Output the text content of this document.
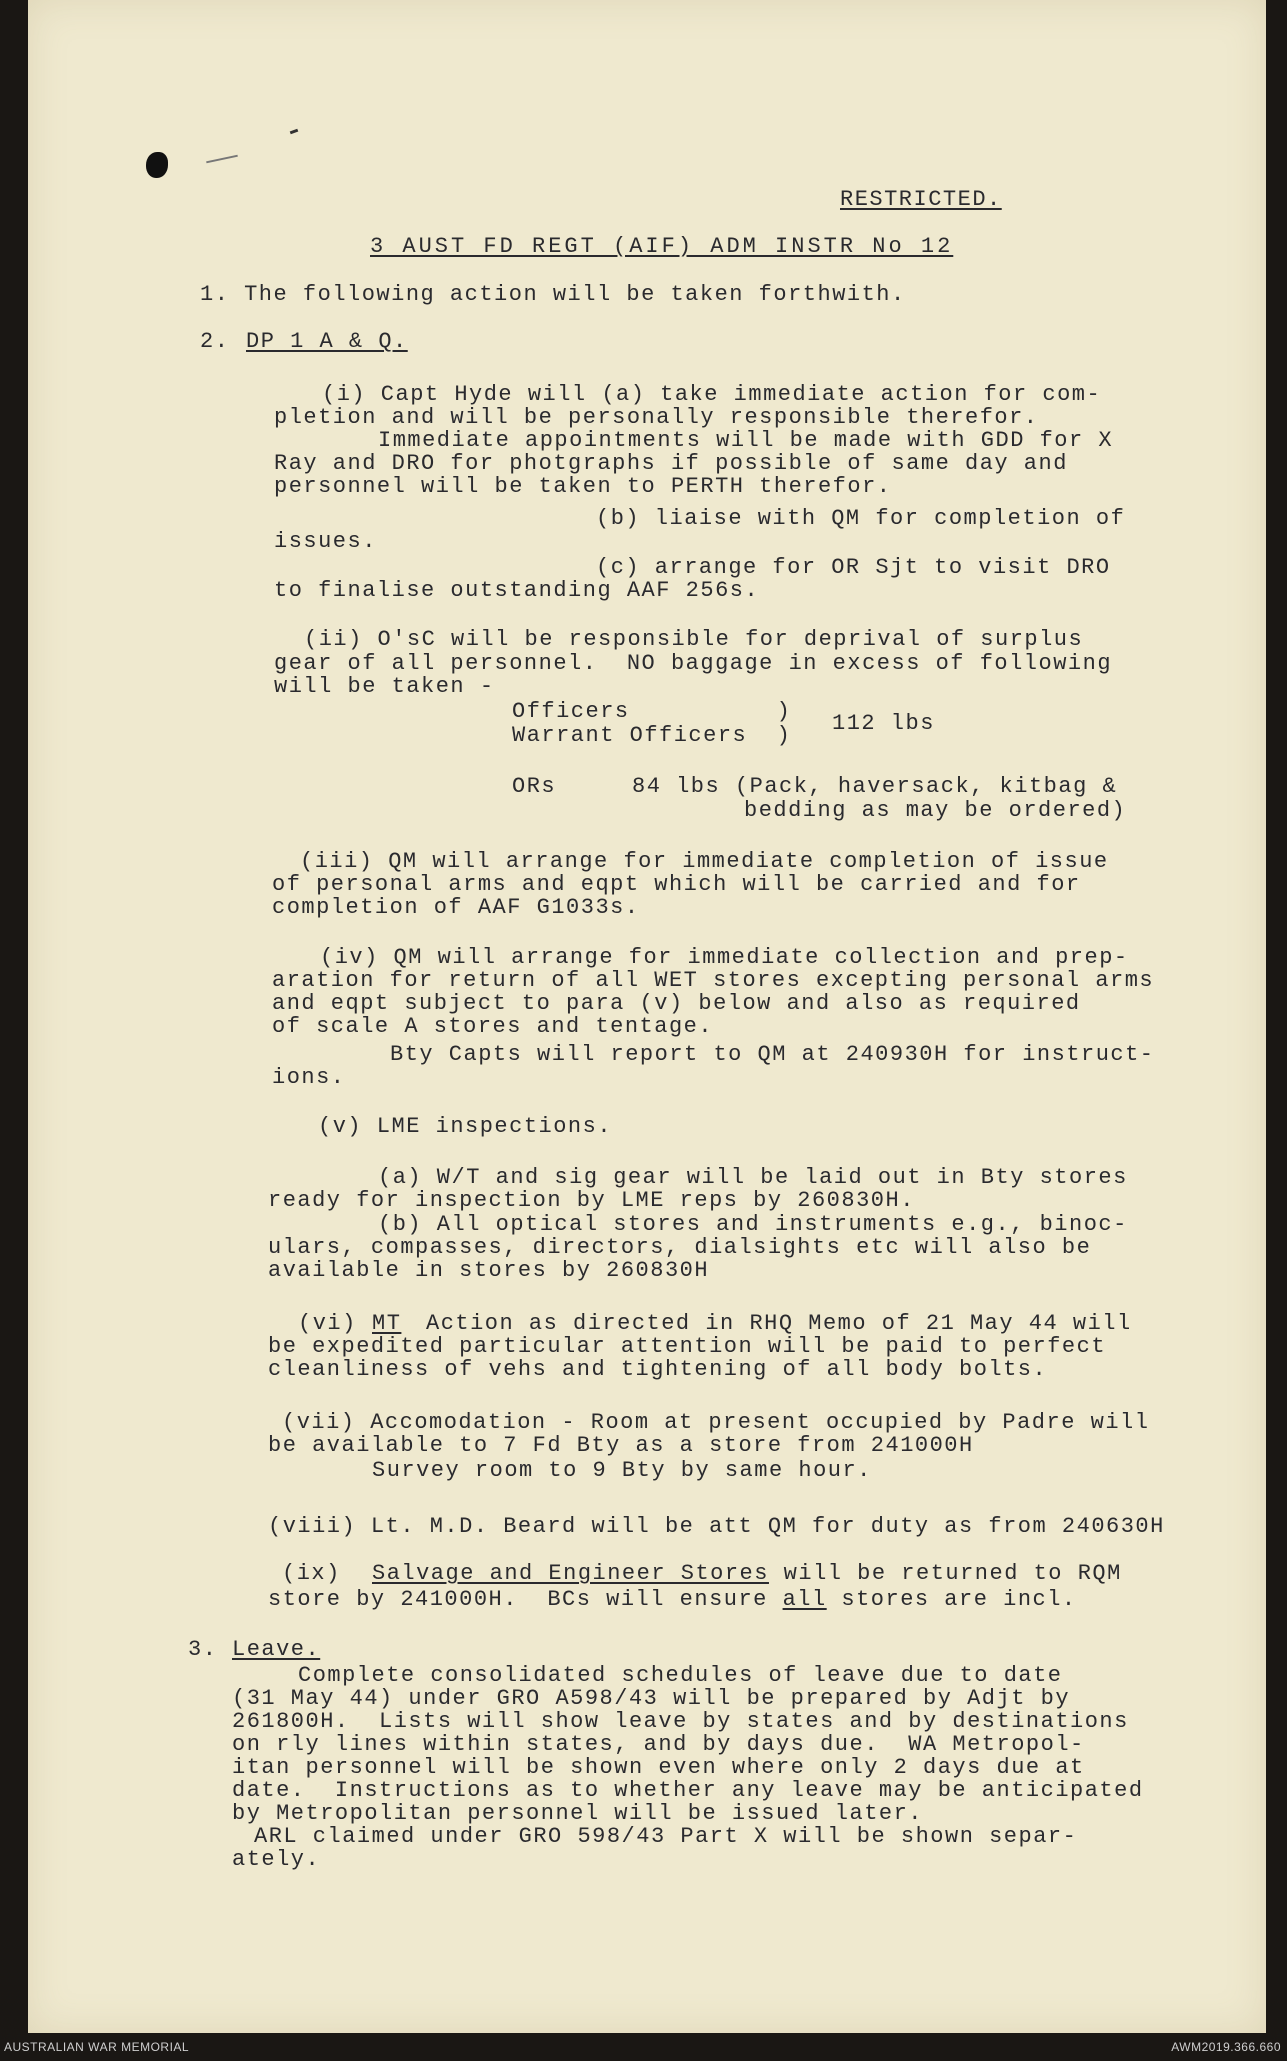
RESTRICTED.
3 AUST FD REGT (AIF) ADM INSTR No 12
1. The following action will be taken forthwith.
2. DP 1 A & Q.
(i) Capt Hyde will (a) take immediate action for com-
pletion and will be personally responsible therefor.
Immediate appointments will be made with GDD for X
Ray and DRO for photgraphs if possible of same day and
personnel will be taken to PERTH therefor.
(b) liaise with QM for completion of
issues.
(c) arrange for OR Sjt to visit DRO
to finalise outstanding AAF 256s.
(ii) O'sC will be responsible for deprival of surplus
gear of all personnel.  NO baggage in excess of following
will be taken -
Officers          )
Warrant Officers  ) 112 lbs
ORs	84 lbs (Pack, haversack, kitbag &
bedding as may be ordered)
(iii) QM will arrange for immediate completion of issue
of personal arms and eqpt which will be carried and for
completion of AAF G1033s.
(iv) QM will arrange for immediate collection and prep-
aration for return of all WET stores excepting personal arms
and eqpt subject to para (v) below and also as required
of scale A stores and tentage.
Bty Capts will report to QM at 240930H for instruct-
ions.
(v) LME inspections.
(a) W/T and sig gear will be laid out in Bty stores
ready for inspection by LME reps by 260830H.
(b) All optical stores and instruments e.g., binoc-
ulars, compasses, directors, dialsights etc will also be
available in stores by 260830H
(vi) MT Action as directed in RHQ Memo of 21 May 44 will
be expedited particular attention will be paid to perfect
cleanliness of vehs and tightening of all body bolts.
(vii) Accomodation - Room at present occupied by Padre will
be available to 7 Fd Bty as a store from 241000H
Survey room to 9 Bty by same hour.
(viii) Lt. M.D. Beard will be att QM for duty as from 240630H
(ix) Salvage and Engineer Stores will be returned to RQM
store by 241000H.  BCs will ensure all stores are incl.
3. Leave.
Complete consolidated schedules of leave due to date
(31 May 44) under GRO A598/43 will be prepared by Adjt by
261800H.  Lists will show leave by states and by destinations
on rly lines within states, and by days due.  WA Metropol-
itan personnel will be shown even where only 2 days due at
date.  Instructions as to whether any leave may be anticipated
by Metropolitan personnel will be issued later.
ARL claimed under GRO 598/43 Part X will be shown separ-
ately.
AUSTRALIAN WAR MEMORIAL	AWM2019.366.660
